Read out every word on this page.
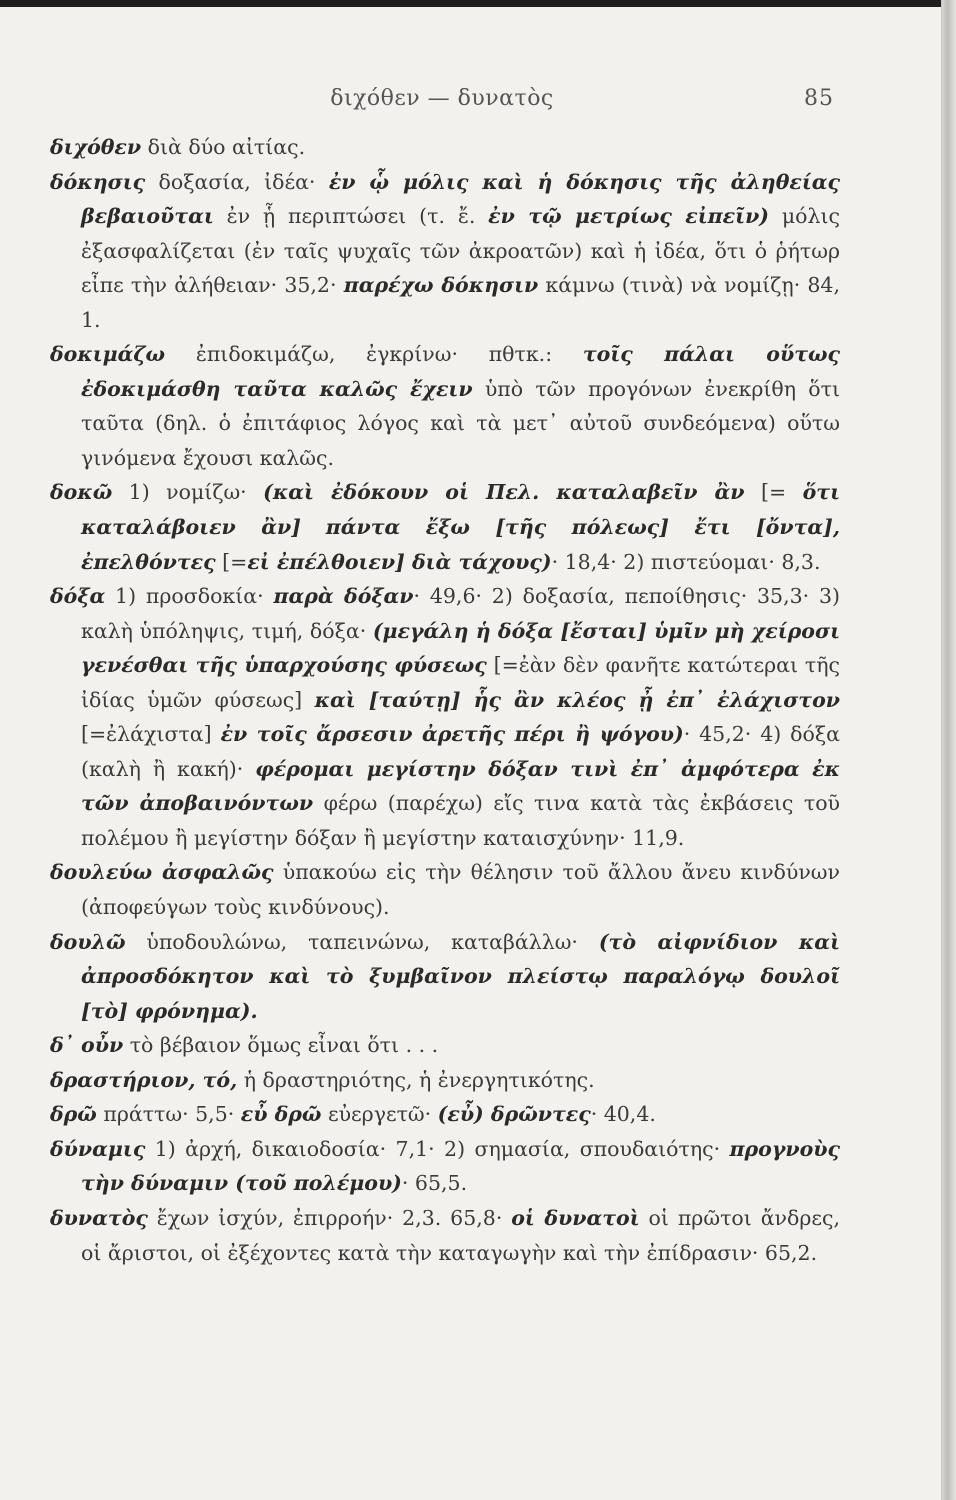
διχόθεν — δυνατὸς	85

διχόθεν διὰ δύο αἰτίας.

δόκησις δοξασία, ἰδέα· ἐν ᾧ μόλις καὶ ἡ δόκησις τῆς ἀληθείας βεβαιοῦται ἐν ᾗ περιπτώσει (τ. ἔ. ἐν τῷ μετρίως εἰπεῖν) μόλις ἐξασφαλίζεται (ἐν ταῖς ψυχαῖς τῶν ἀκροατῶν) καὶ ἡ ἰδέα, ὅτι ὁ ῥήτωρ εἶπε τὴν ἀλήθειαν· 35,2· παρέχω δόκησιν κάμνω (τινὰ) νὰ νομίζῃ· 84, 1.

δοκιμάζω ἐπιδοκιμάζω, ἐγκρίνω· πθτκ.: τοῖς πάλαι οὕτως ἐδοκιμάσθη ταῦτα καλῶς ἔχειν ὑπὸ τῶν προγόνων ἐνεκρίθη ὅτι ταῦτα (δηλ. ὁ ἐπιτάφιος λόγος καὶ τὰ μετ᾽ αὐτοῦ συνδεόμενα) οὕτω γινόμενα ἔχουσι καλῶς.

δοκῶ 1) νομίζω· (καὶ ἐδόκουν οἱ Πελ. καταλαβεῖν ἂν [= ὅτι καταλάβοιεν ἂν] πάντα ἔξω [τῆς πόλεως] ἔτι [ὄντα], ἐπελθόντες [=εἰ ἐπέλθοιεν] διὰ τάχους)· 18,4· 2) πιστεύομαι· 8,3.

δόξα 1) προσδοκία· παρὰ δόξαν· 49,6· 2) δοξασία, πεποίθησις· 35,3· 3) καλὴ ὑπόληψις, τιμή, δόξα· (μεγάλη ἡ δόξα [ἔσται] ὑμῖν μὴ χείροσι γενέσθαι τῆς ὑπαρχούσης φύσεως [=ἐὰν δὲν φανῆτε κατώτεραι τῆς ἰδίας ὑμῶν φύσεως] καὶ [ταύτῃ] ἧς ἂν κλέος ᾖ ἐπ᾽ ἐλάχιστον [=ἐλάχιστα] ἐν τοῖς ἄρσεσιν ἀρετῆς πέρι ἢ ψόγου)· 45,2· 4) δόξα (καλὴ ἢ κακή)· φέρομαι μεγίστην δόξαν τινὶ ἐπ᾽ ἀμφότερα ἐκ τῶν ἀποβαινόντων φέρω (παρέχω) εἴς τινα κατὰ τὰς ἐκβάσεις τοῦ πολέμου ἢ μεγίστην δόξαν ἢ μεγίστην καταισχύνην· 11,9.

δουλεύω ἀσφαλῶς ὑπακούω εἰς τὴν θέλησιν τοῦ ἄλλου ἄνευ κινδύνων (ἀποφεύγων τοὺς κινδύνους).

δουλῶ ὑποδουλώνω, ταπεινώνω, καταβάλλω· (τὸ αἰφνίδιον καὶ ἀπροσδόκητον καὶ τὸ ξυμβαῖνον πλείστῳ παραλόγῳ δουλοῖ [τὸ] φρόνημα).

δ᾽ οὖν τὸ βέβαιον ὅμως εἶναι ὅτι . . .

δραστήριον, τό, ἡ δραστηριότης, ἡ ἐνεργητικότης.

δρῶ πράττω· 5,5· εὖ δρῶ εὐεργετῶ· (εὖ) δρῶντες· 40,4.

δύναμις 1) ἀρχή, δικαιοδοσία· 7,1· 2) σημασία, σπουδαιότης· προγνοὺς τὴν δύναμιν (τοῦ πολέμου)· 65,5.

δυνατὸς ἔχων ἰσχύν, ἐπιρροήν· 2,3. 65,8· οἱ δυνατοὶ οἱ πρῶτοι ἄνδρες, οἱ ἄριστοι, οἱ ἐξέχοντες κατὰ τὴν καταγωγὴν καὶ τὴν ἐπίδρασιν· 65,2.
